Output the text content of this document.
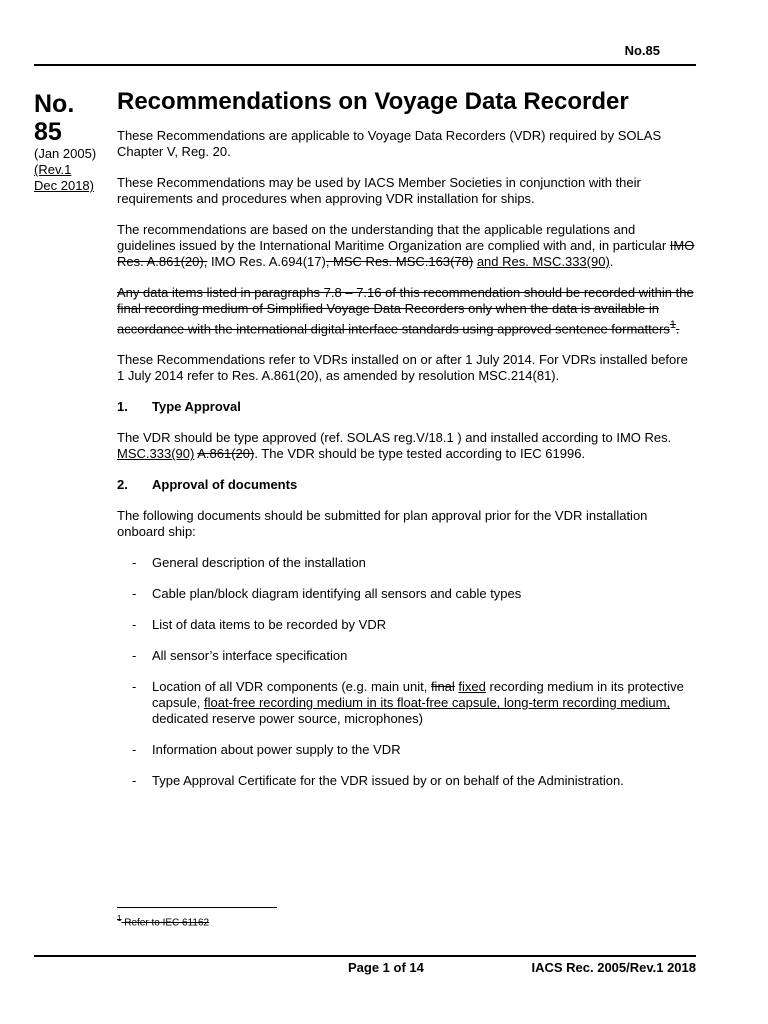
No.85
No.
85
(Jan 2005)
(Rev.1
Dec 2018)
Recommendations on Voyage Data Recorder

These Recommendations are applicable to Voyage Data Recorders (VDR) required by SOLAS Chapter V, Reg. 20.

These Recommendations may be used by IACS Member Societies in conjunction with their requirements and procedures when approving VDR installation for ships.

The recommendations are based on the understanding that the applicable regulations and guidelines issued by the International Maritime Organization are complied with and, in particular IMO Res. A.861(20), IMO Res. A.694(17), MSC Res. MSC.163(78) and Res. MSC.333(90).

Any data items listed in paragraphs 7.8 – 7.16 of this recommendation should be recorded within the final recording medium of Simplified Voyage Data Recorders only when the data is available in accordance with the international digital interface standards using approved sentence formatters$^1$.

These Recommendations refer to VDRs installed on or after 1 July 2014. For VDRs installed before 1 July 2014 refer to Res. A.861(20), as amended by resolution MSC.214(81).

1. Type Approval

The VDR should be type approved (ref. SOLAS reg.V/18.1 ) and installed according to IMO Res. MSC.333(90) A.861(20). The VDR should be type tested according to IEC 61996.

2. Approval of documents

The following documents should be submitted for plan approval prior for the VDR installation onboard ship:

- General description of the installation
- Cable plan/block diagram identifying all sensors and cable types
- List of data items to be recorded by VDR
- All sensor’s interface specification
- Location of all VDR components (e.g. main unit, final fixed recording medium in its protective capsule, float-free recording medium in its float-free capsule, long-term recording medium, dedicated reserve power source, microphones)
- Information about power supply to the VDR
- Type Approval Certificate for the VDR issued by or on behalf of the Administration.
$^1$ Refer to IEC 61162
Page 1 of 14	IACS Rec. 2005/Rev.1 2018
